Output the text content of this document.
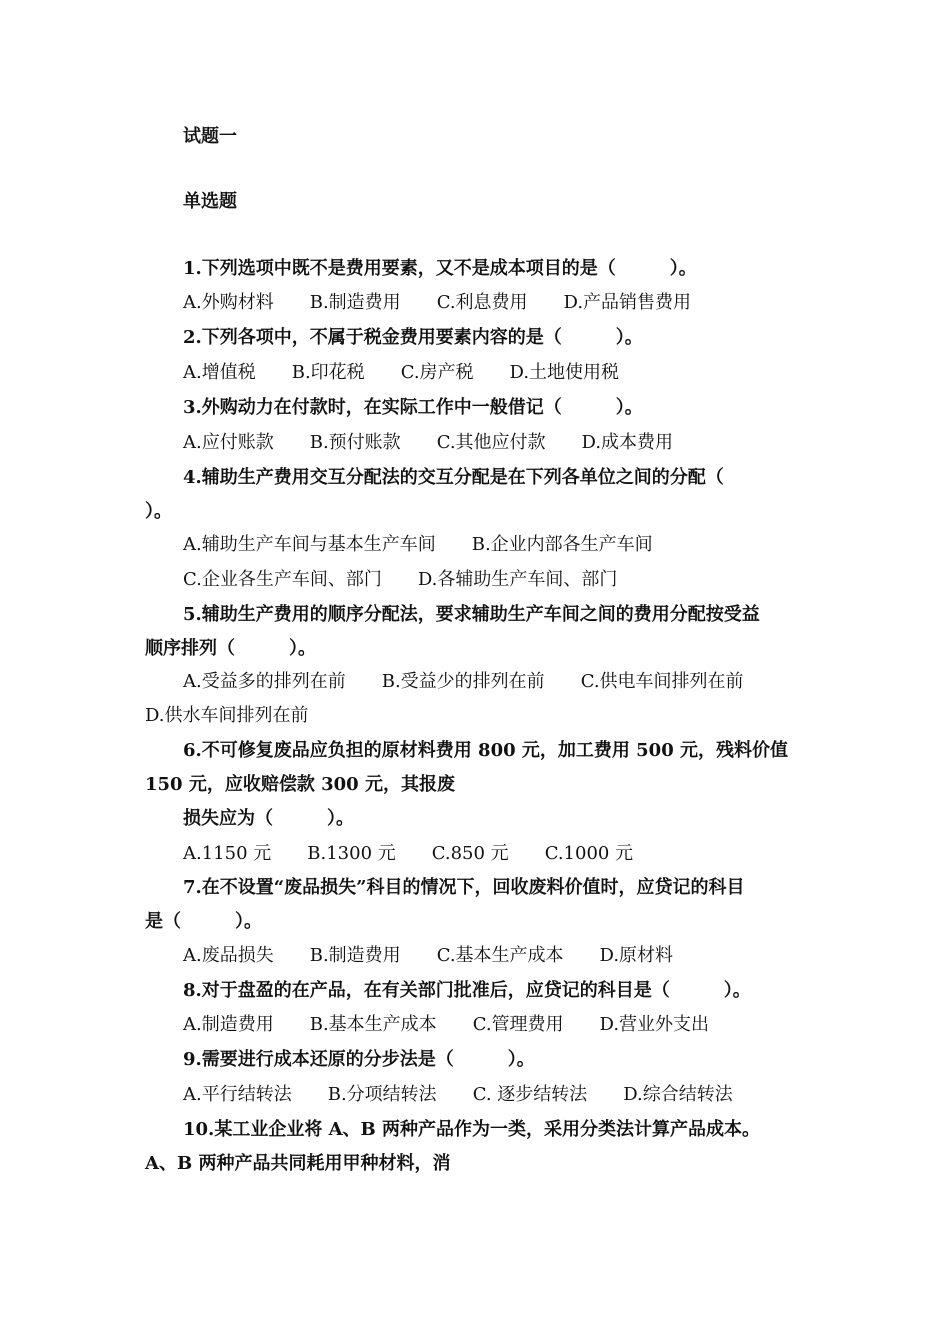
试题一
单选题
1.下列选项中既不是费用要素，又不是成本项目的是（　　　）。
A.外购材料 B.制造费用 C.利息费用 D.产品销售费用
2.下列各项中，不属于税金费用要素内容的是（　　　）。
A.增值税 B.印花税 C.房产税 D.土地使用税
3.外购动力在付款时，在实际工作中一般借记（　　　）。
A.应付账款 B.预付账款 C.其他应付款 D.成本费用
4.辅助生产费用交互分配法的交互分配是在下列各单位之间的分配（
）。
A.辅助生产车间与基本生产车间 B.企业内部各生产车间
C.企业各生产车间、部门 D.各辅助生产车间、部门
5.辅助生产费用的顺序分配法，要求辅助生产车间之间的费用分配按受益
顺序排列（　　　）。
A.受益多的排列在前 B.受益少的排列在前 C.供电车间排列在前
D.供水车间排列在前
6.不可修复废品应负担的原材料费用 800 元，加工费用 500 元，残料价值
150 元，应收赔偿款 300 元，其报废
损失应为（　　　）。
A.1150 元 B.1300 元 C.850 元 C.1000 元
7.在不设置“废品损失”科目的情况下，回收废料价值时，应贷记的科目
是（　　　）。
A.废品损失 B.制造费用 C.基本生产成本 D.原材料
8.对于盘盈的在产品，在有关部门批准后，应贷记的科目是（　　　）。
A.制造费用 B.基本生产成本 C.管理费用 D.营业外支出
9.需要进行成本还原的分步法是（　　　）。
A.平行结转法 B.分项结转法 C. 逐步结转法 D.综合结转法
10.某工业企业将 A、B 两种产品作为一类，采用分类法计算产品成本。
A、B 两种产品共同耗用甲种材料，消
